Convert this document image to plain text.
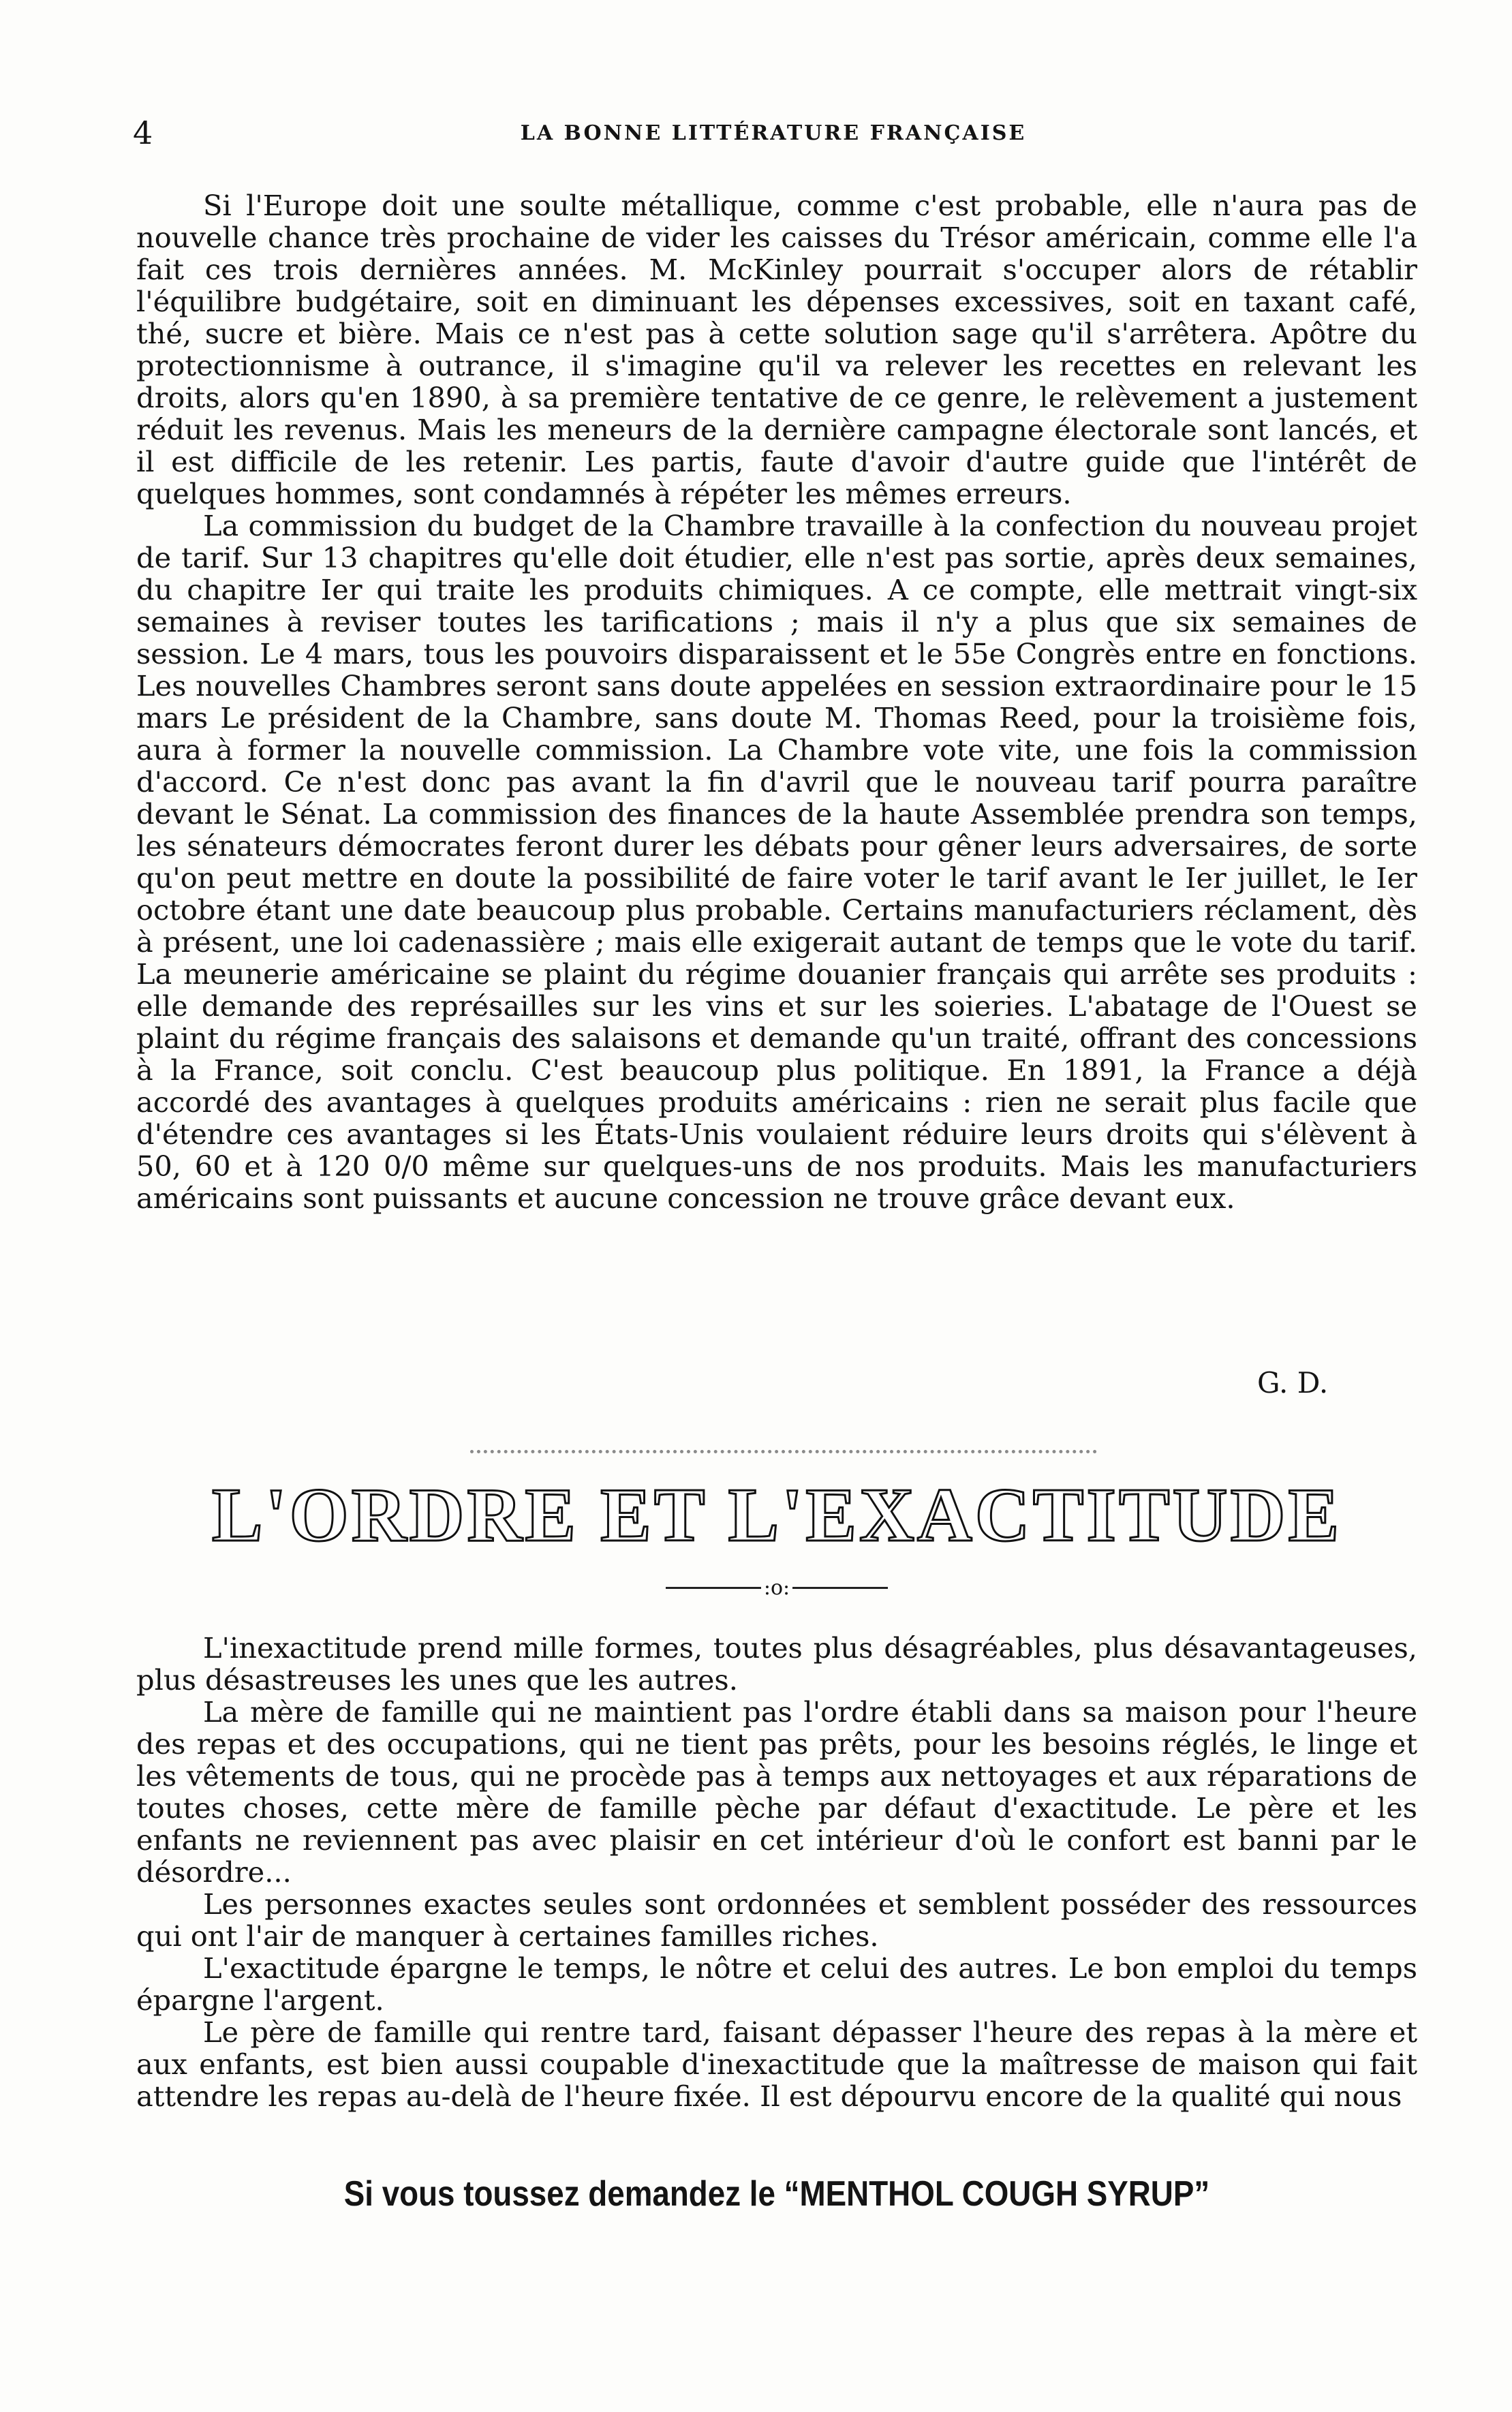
4	LA BONNE LITTÉRATURE FRANÇAISE

Si l'Europe doit une soulte métallique, comme c'est probable, elle n'aura pas de nouvelle chance très prochaine de vider les caisses du Trésor américain, comme elle l'a fait ces trois dernières années. M. McKinley pourrait s'occuper alors de rétablir l'équilibre budgétaire, soit en diminuant les dépenses excessives, soit en taxant café, thé, sucre et bière. Mais ce n'est pas à cette solution sage qu'il s'arrêtera. Apôtre du protectionnisme à outrance, il s'imagine qu'il va relever les recettes en relevant les droits, alors qu'en 1890, à sa première tentative de ce genre, le relèvement a justement réduit les revenus. Mais les meneurs de la dernière campagne électorale sont lancés, et il est difficile de les retenir. Les partis, faute d'avoir d'autre guide que l'intérêt de quelques hommes, sont condamnés à répéter les mêmes erreurs.

La commission du budget de la Chambre travaille à la confection du nouveau projet de tarif. Sur 13 chapitres qu'elle doit étudier, elle n'est pas sortie, après deux semaines, du chapitre Ier qui traite les produits chimiques. A ce compte, elle mettrait vingt-six semaines à reviser toutes les tarifications ; mais il n'y a plus que six semaines de session. Le 4 mars, tous les pouvoirs disparaissent et le 55e Congrès entre en fonctions. Les nouvelles Chambres seront sans doute appelées en session extraordinaire pour le 15 mars Le président de la Chambre, sans doute M. Thomas Reed, pour la troisième fois, aura à former la nouvelle commission. La Chambre vote vite, une fois la commission d'accord. Ce n'est donc pas avant la fin d'avril que le nouveau tarif pourra paraître devant le Sénat. La commission des finances de la haute Assemblée prendra son temps, les sénateurs démocrates feront durer les débats pour gêner leurs adversaires, de sorte qu'on peut mettre en doute la possibilité de faire voter le tarif avant le Ier juillet, le Ier octobre étant une date beaucoup plus probable. Certains manufacturiers réclament, dès à présent, une loi cadenassière ; mais elle exigerait autant de temps que le vote du tarif. La meunerie américaine se plaint du régime douanier français qui arrête ses produits : elle demande des représailles sur les vins et sur les soieries. L'abatage de l'Ouest se plaint du régime français des salaisons et demande qu'un traité, offrant des concessions à la France, soit conclu. C'est beaucoup plus politique. En 1891, la France a déjà accordé des avantages à quelques produits américains : rien ne serait plus facile que d'étendre ces avantages si les États-Unis voulaient réduire leurs droits qui s'élèvent à 50, 60 et à 120 0/0 même sur quelques-uns de nos produits. Mais les manufacturiers américains sont puissants et aucune concession ne trouve grâce devant eux.

G. D.
L'ORDRE ET L'EXACTITUDE
:o:

L'inexactitude prend mille formes, toutes plus désagréables, plus désavantageuses, plus désastreuses les unes que les autres.

La mère de famille qui ne maintient pas l'ordre établi dans sa maison pour l'heure des repas et des occupations, qui ne tient pas prêts, pour les besoins réglés, le linge et les vêtements de tous, qui ne procède pas à temps aux nettoyages et aux réparations de toutes choses, cette mère de famille pèche par défaut d'exactitude. Le père et les enfants ne reviennent pas avec plaisir en cet intérieur d'où le confort est banni par le désordre...

Les personnes exactes seules sont ordonnées et semblent posséder des ressources qui ont l'air de manquer à certaines familles riches.

L'exactitude épargne le temps, le nôtre et celui des autres. Le bon emploi du temps épargne l'argent.

Le père de famille qui rentre tard, faisant dépasser l'heure des repas à la mère et aux enfants, est bien aussi coupable d'inexactitude que la maîtresse de maison qui fait attendre les repas au-delà de l'heure fixée. Il est dépourvu encore de la qualité qui nous

Si vous toussez demandez le “MENTHOL COUGH SYRUP”
